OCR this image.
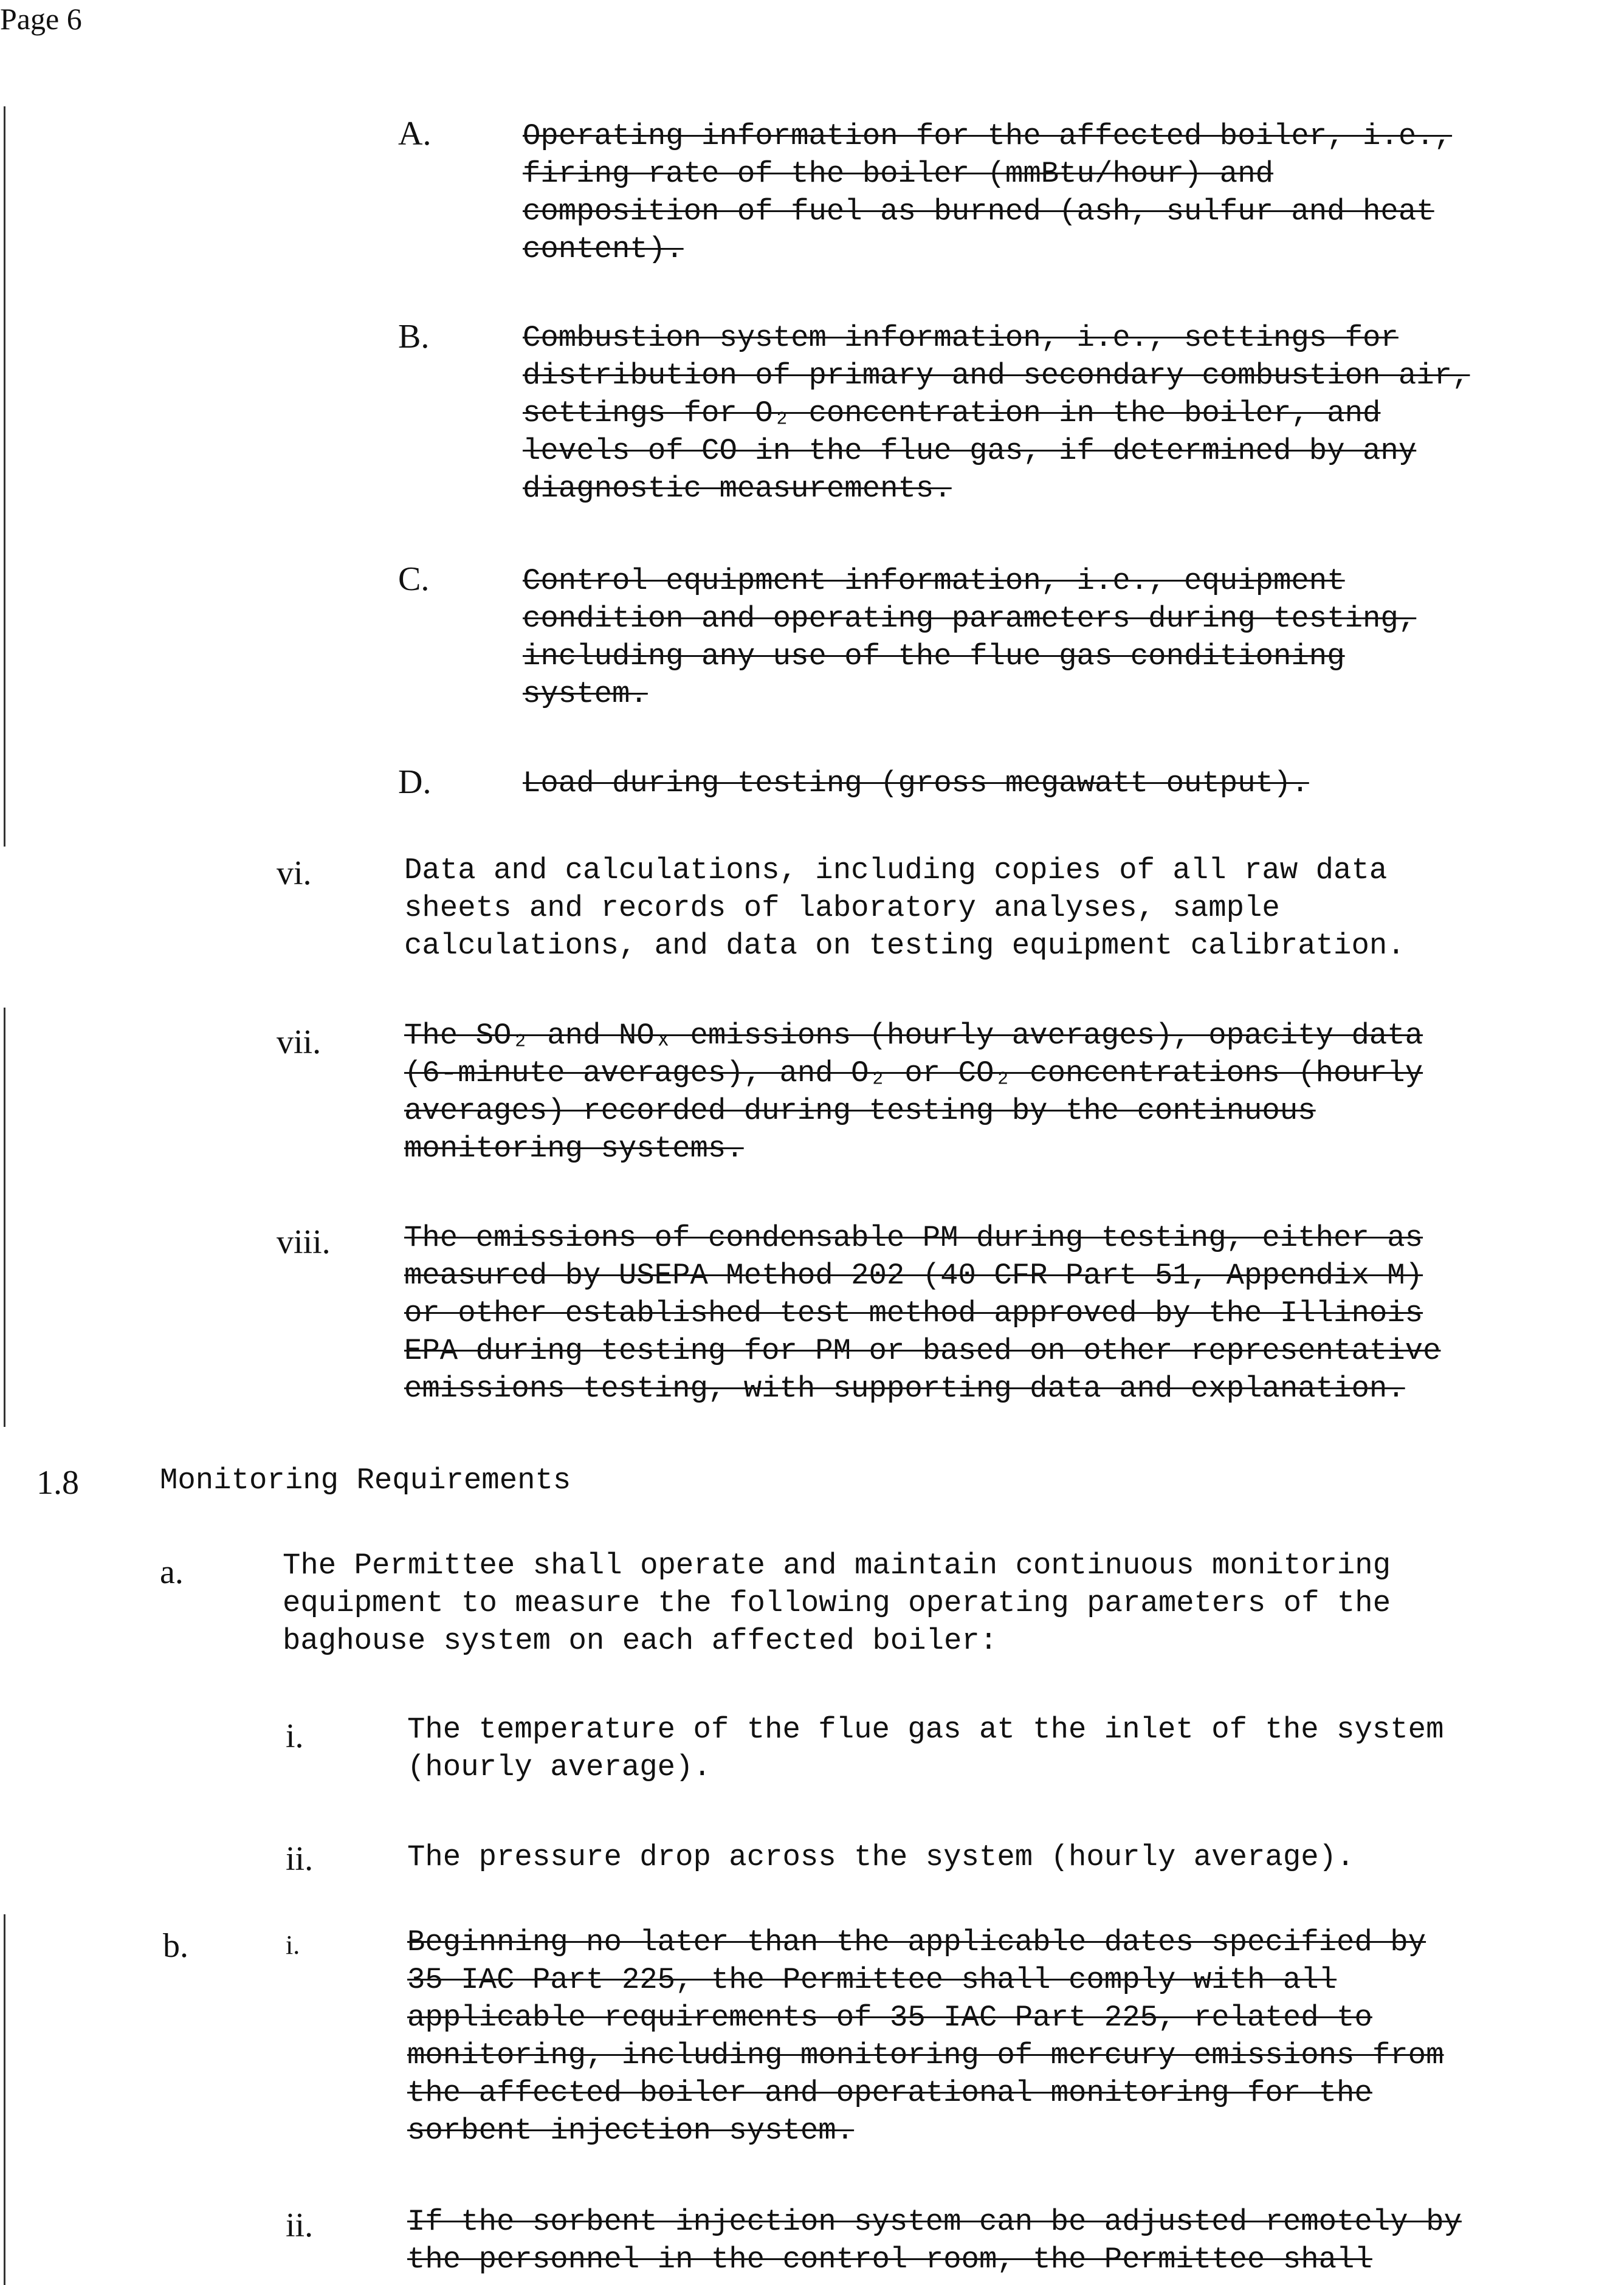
Page 6
A.	Operating information for the affected boiler, i.e.,
firing rate of the boiler (mmBtu/hour) and
composition of fuel as burned (ash, sulfur and heat
content).
B.	Combustion system information, i.e., settings for
distribution of primary and secondary combustion air,
settings for O₂ concentration in the boiler, and
levels of CO in the flue gas, if determined by any
diagnostic measurements.
C.	Control equipment information, i.e., equipment
condition and operating parameters during testing,
including any use of the flue gas conditioning
system.
D.	Load during testing (gross megawatt output).
vi.	Data and calculations, including copies of all raw data
sheets and records of laboratory analyses, sample
calculations, and data on testing equipment calibration.
vii.	The SO₂ and NOₓ emissions (hourly averages), opacity data
(6-minute averages), and O₂ or CO₂ concentrations (hourly
averages) recorded during testing by the continuous
monitoring systems.
viii. The emissions of condensable PM during testing, either as
measured by USEPA Method 202 (40 CFR Part 51, Appendix M)
or other established test method approved by the Illinois
EPA during testing for PM or based on other representative
emissions testing, with supporting data and explanation.
1.8	Monitoring Requirements
a.	The Permittee shall operate and maintain continuous monitoring
equipment to measure the following operating parameters of the
baghouse system on each affected boiler:
i.	The temperature of the flue gas at the inlet of the system
(hourly average).
ii.	The pressure drop across the system (hourly average).
b.	i.	Beginning no later than the applicable dates specified by
35 IAC Part 225, the Permittee shall comply with all
applicable requirements of 35 IAC Part 225, related to
monitoring, including monitoring of mercury emissions from
the affected boiler and operational monitoring for the
sorbent injection system.
ii.	If the sorbent injection system can be adjusted remotely by
the personnel in the control room, the Permittee shall
